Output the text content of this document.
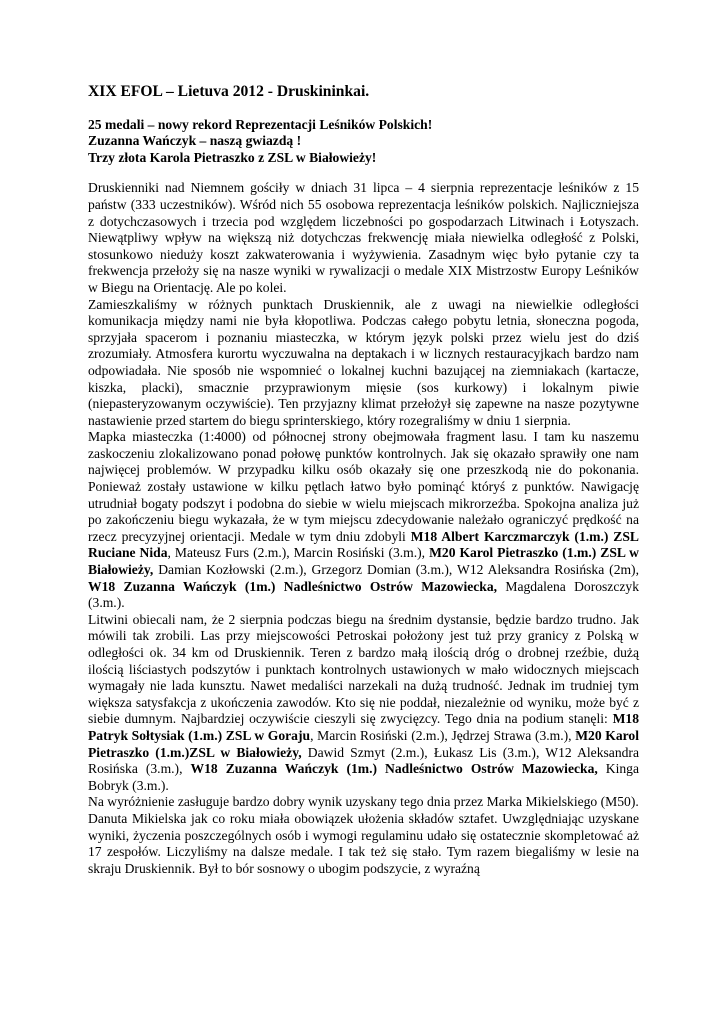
XIX EFOL – Lietuva 2012 - Druskininkai.
25 medali – nowy rekord Reprezentacji Leśników Polskich!
Zuzanna Wańczyk – naszą gwiazdą !
Trzy złota Karola Pietraszko z ZSL w Białowieży!
Druskienniki nad Niemnem gościły w dniach 31 lipca – 4 sierpnia reprezentacje leśników z 15 państw (333 uczestników). Wśród nich 55 osobowa reprezentacja leśników polskich. Najliczniejsza z dotychczasowych i trzecia pod względem liczebności po gospodarzach Litwinach i Łotyszach. Niewątpliwy wpływ na większą niż dotychczas frekwencję miała niewielka odległość z Polski, stosunkowo nieduży koszt zakwaterowania i wyżywienia. Zasadnym więc było pytanie czy ta frekwencja przełoży się na nasze wyniki w rywalizacji o medale XIX Mistrzostw Europy Leśników w Biegu na Orientację. Ale po kolei.
Zamieszkaliśmy w różnych punktach Druskiennik, ale z uwagi na niewielkie odległości komunikacja między nami nie była kłopotliwa. Podczas całego pobytu letnia, słoneczna pogoda, sprzyjała spacerom i poznaniu miasteczka, w którym język polski przez wielu jest do dziś zrozumiały. Atmosfera kurortu wyczuwalna na deptakach i w licznych restauracyjkach bardzo nam odpowiadała. Nie sposób nie wspomnieć o lokalnej kuchni bazującej na ziemniakach (kartacze, kiszka, placki), smacznie przyprawionym mięsie (sos kurkowy) i lokalnym piwie (niepasteryzowanym oczywiście). Ten przyjazny klimat przełożył się zapewne na nasze pozytywne nastawienie przed startem do biegu sprinterskiego, który rozegraliśmy w dniu 1 sierpnia.
Mapka miasteczka (1:4000) od północnej strony obejmowała fragment lasu. I tam ku naszemu zaskoczeniu zlokalizowano ponad połowę punktów kontrolnych. Jak się okazało sprawiły one nam najwięcej problemów. W przypadku kilku osób okazały się one przeszkodą nie do pokonania. Ponieważ zostały ustawione w kilku pętlach łatwo było pominąć któryś z punktów. Nawigację utrudniał bogaty podszyt i podobna do siebie w wielu miejscach mikrorzeźba. Spokojna analiza już po zakończeniu biegu wykazała, że w tym miejscu zdecydowanie należało ograniczyć prędkość na rzecz precyzyjnej orientacji. Medale w tym dniu zdobyli M18 Albert Karczmarczyk (1.m.) ZSL Ruciane Nida, Mateusz Furs (2.m.), Marcin Rosiński (3.m.), M20 Karol Pietraszko (1.m.) ZSL w Białowieży, Damian Kozłowski (2.m.), Grzegorz Domian (3.m.), W12 Aleksandra Rosińska (2m), W18 Zuzanna Wańczyk (1m.) Nadleśnictwo Ostrów Mazowiecka, Magdalena Doroszczyk (3.m.).
Litwini obiecali nam, że 2 sierpnia podczas biegu na średnim dystansie, będzie bardzo trudno. Jak mówili tak zrobili. Las przy miejscowości Petroskai położony jest tuż przy granicy z Polską w odległości ok. 34 km od Druskiennik. Teren z bardzo małą ilością dróg o drobnej rzeźbie, dużą ilością liściastych podszytów i punktach kontrolnych ustawionych w mało widocznych miejscach wymagały nie lada kunsztu. Nawet medaliści narzekali na dużą trudność. Jednak im trudniej tym większa satysfakcja z ukończenia zawodów. Kto się nie poddał, niezależnie od wyniku, może być z siebie dumnym. Najbardziej oczywiście cieszyli się zwycięzcy. Tego dnia na podium stanęli: M18 Patryk Sołtysiak (1.m.) ZSL w Goraju, Marcin Rosiński (2.m.), Jędrzej Strawa (3.m.), M20 Karol Pietraszko (1.m.)ZSL w Białowieży, Dawid Szmyt (2.m.), Łukasz Lis (3.m.), W12 Aleksandra Rosińska (3.m.), W18 Zuzanna Wańczyk (1m.) Nadleśnictwo Ostrów Mazowiecka, Kinga Bobryk (3.m.).
Na wyróżnienie zasługuje bardzo dobry wynik uzyskany tego dnia przez Marka Mikielskiego (M50).
Danuta Mikielska jak co roku miała obowiązek ułożenia składów sztafet. Uwzględniając uzyskane wyniki, życzenia poszczególnych osób i wymogi regulaminu udało się ostatecznie skompletować aż 17 zespołów. Liczyliśmy na dalsze medale. I tak też się stało. Tym razem biegaliśmy w lesie na skraju Druskiennik. Był to bór sosnowy o ubogim podszycie, z wyraźną
